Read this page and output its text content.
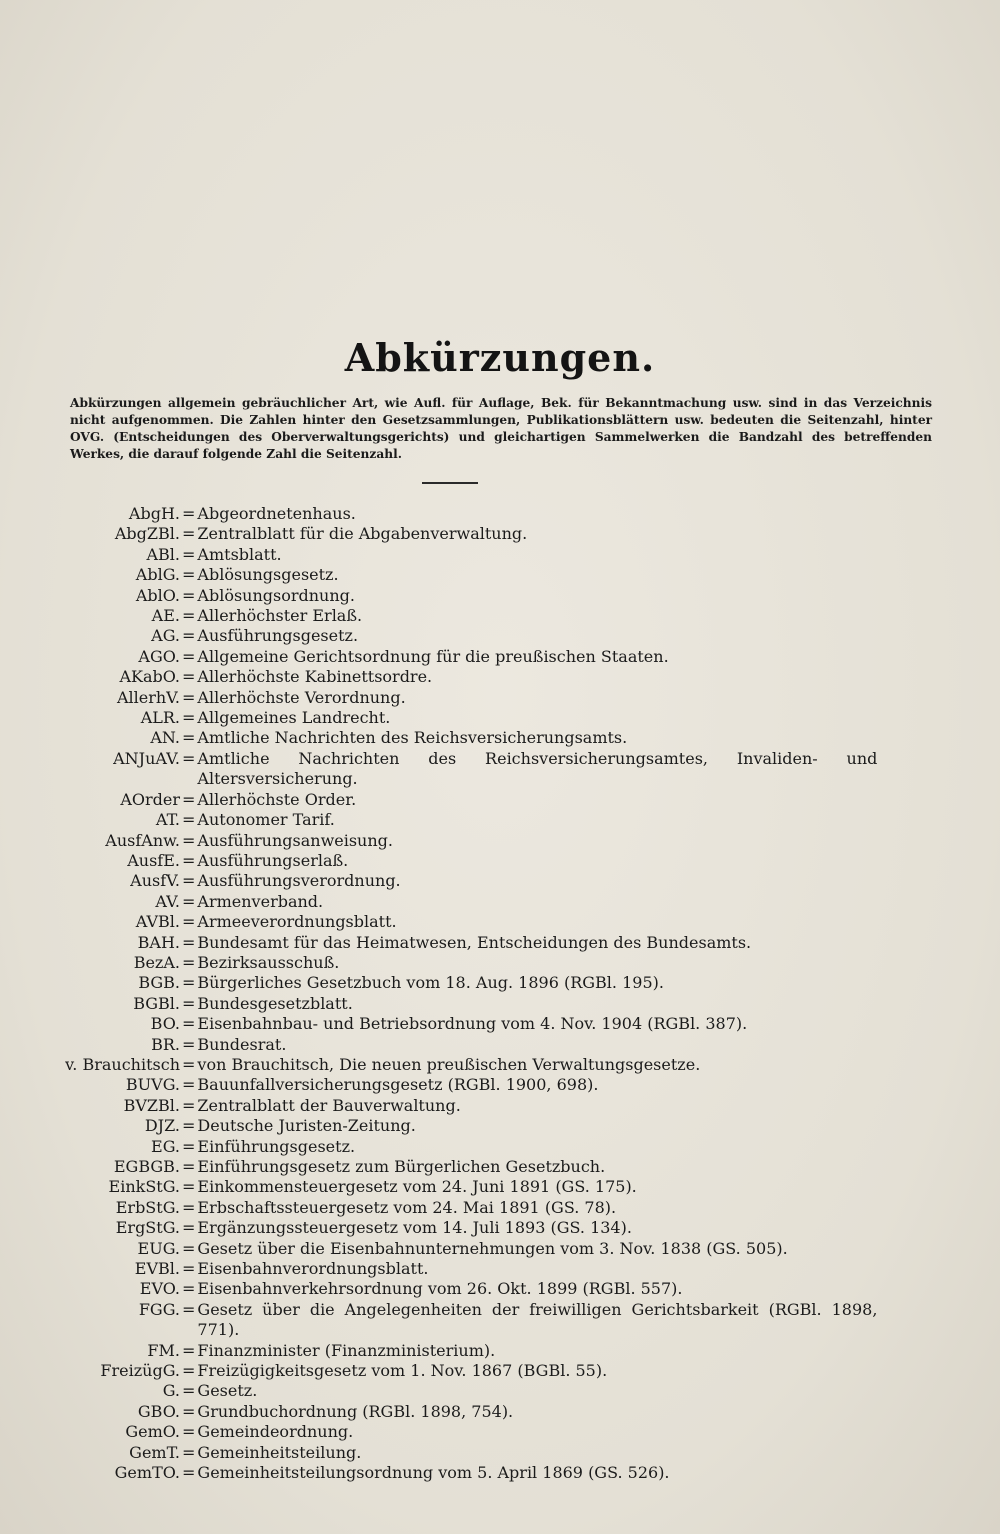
Abkürzungen.
Abkürzungen allgemein gebräuchlicher Art, wie Aufl. für Auflage, Bek. für Bekanntmachung usw. sind in das Verzeichnis nicht aufgenommen. Die Zahlen hinter den Gesetzsammlungen, Publikationsblättern usw. bedeuten die Seitenzahl, hinter OVG. (Entscheidungen des Oberverwaltungsgerichts) und gleichartigen Sammelwerken die Bandzahl des betreffenden Werkes, die darauf folgende Zahl die Seitenzahl.
AbgH. = Abgeordnetenhaus.
AbgZBl. = Zentralblatt für die Abgabenverwaltung.
ABl. = Amtsblatt.
AblG. = Ablösungsgesetz.
AblO. = Ablösungsordnung.
AE. = Allerhöchster Erlaß.
AG. = Ausführungsgesetz.
AGO. = Allgemeine Gerichtsordnung für die preußischen Staaten.
AKabO. = Allerhöchste Kabinettsordre.
AllerhV. = Allerhöchste Verordnung.
ALR. = Allgemeines Landrecht.
AN. = Amtliche Nachrichten des Reichsversicherungsamts.
ANJuAV. = Amtliche Nachrichten des Reichsversicherungsamtes, Invaliden- und Altersversicherung.
AOrder = Allerhöchste Order.
AT. = Autonomer Tarif.
AusfAnw. = Ausführungsanweisung.
AusfE. = Ausführungserlaß.
AusfV. = Ausführungsverordnung.
AV. = Armenverband.
AVBl. = Armeeverordnungsblatt.
BAH. = Bundesamt für das Heimatwesen, Entscheidungen des Bundesamts.
BezA. = Bezirksausschuß.
BGB. = Bürgerliches Gesetzbuch vom 18. Aug. 1896 (RGBl. 195).
BGBl. = Bundesgesetzblatt.
BO. = Eisenbahnbau- und Betriebsordnung vom 4. Nov. 1904 (RGBl. 387).
BR. = Bundesrat.
v. Brauchitsch = von Brauchitsch, Die neuen preußischen Verwaltungsgesetze.
BUVG. = Bauunfallversicherungsgesetz (RGBl. 1900, 698).
BVZBl. = Zentralblatt der Bauverwaltung.
DJZ. = Deutsche Juristen-Zeitung.
EG. = Einführungsgesetz.
EGBGB. = Einführungsgesetz zum Bürgerlichen Gesetzbuch.
EinkStG. = Einkommensteuergesetz vom 24. Juni 1891 (GS. 175).
ErbStG. = Erbschaftssteuergesetz vom 24. Mai 1891 (GS. 78).
ErgStG. = Ergänzungssteuergesetz vom 14. Juli 1893 (GS. 134).
EUG. = Gesetz über die Eisenbahnunternehmungen vom 3. Nov. 1838 (GS. 505).
EVBl. = Eisenbahnverordnungsblatt.
EVO. = Eisenbahnverkehrsordnung vom 26. Okt. 1899 (RGBl. 557).
FGG. = Gesetz über die Angelegenheiten der freiwilligen Gerichtsbarkeit (RGBl. 1898, 771).
FM. = Finanzminister (Finanzministerium).
FreizügG. = Freizügigkeitsgesetz vom 1. Nov. 1867 (BGBl. 55).
G. = Gesetz.
GBO. = Grundbuchordnung (RGBl. 1898, 754).
GemO. = Gemeindeordnung.
GemT. = Gemeinheitsteilung.
GemTO. = Gemeinheitsteilungsordnung vom 5. April 1869 (GS. 526).
